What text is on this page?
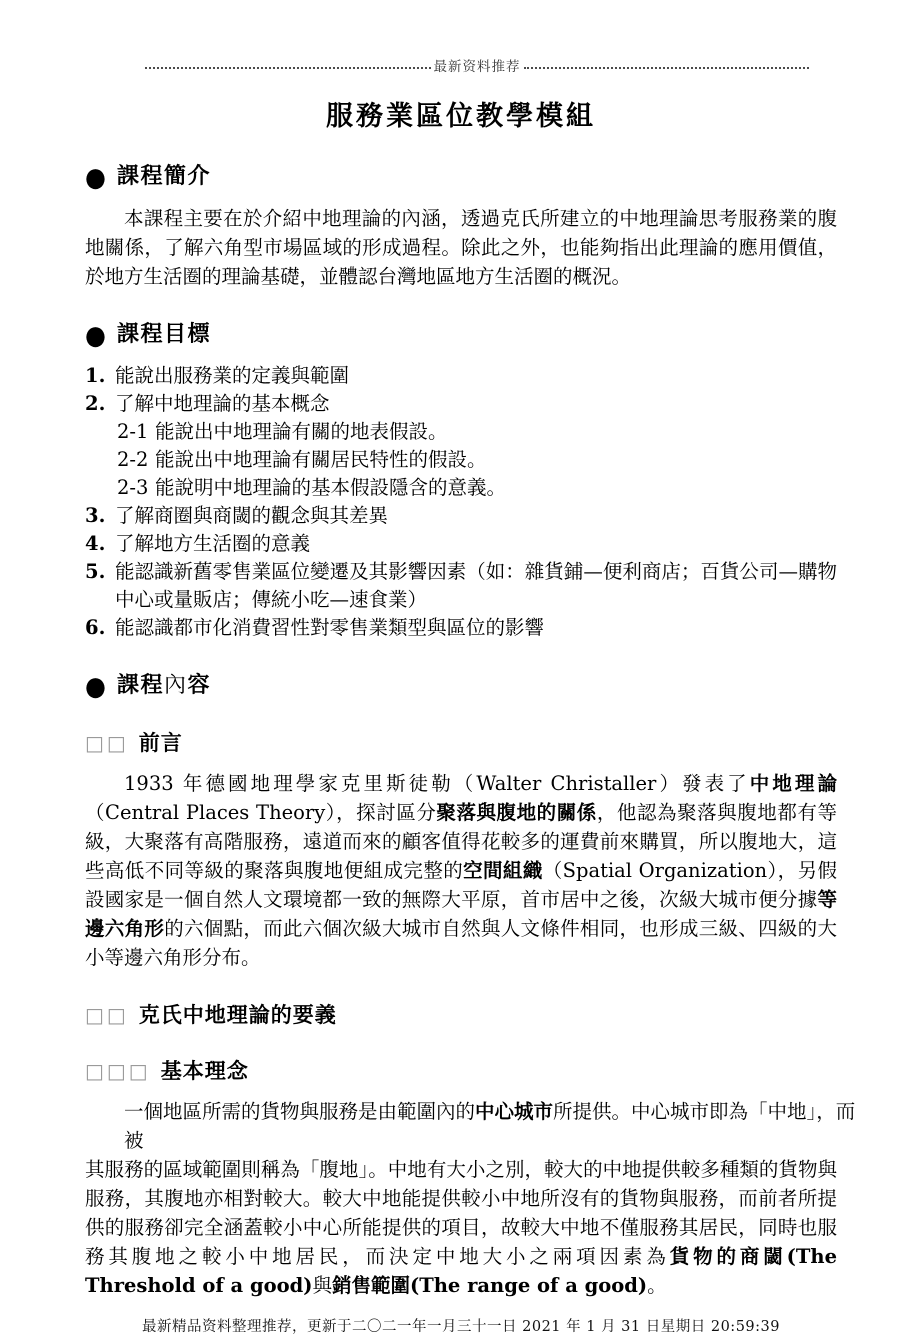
最新资料推荐
服務業區位教學模組
● 課程簡介

本課程主要在於介紹中地理論的內涵，透過克氏所建立的中地理論思考服務業的腹地關係，了解六角型市場區域的形成過程。除此之外，也能夠指出此理論的應用價值，於地方生活圈的理論基礎，並體認台灣地區地方生活圈的概況。

● 課程目標
1. 能說出服務業的定義與範圍
2. 了解中地理論的基本概念
2-1 能說出中地理論有關的地表假設。
2-2 能說出中地理論有關居民特性的假設。
2-3 能說明中地理論的基本假設隱含的意義。
3. 了解商圈與商閾的觀念與其差異
4. 了解地方生活圈的意義
5. 能認識新舊零售業區位變遷及其影響因素（如：雜貨鋪—便利商店；百貨公司—購物中心或量販店；傳統小吃—速食業）
6. 能認識都市化消費習性對零售業類型與區位的影響
● 課程內容
□□ 前言

1933 年德國地理學家克里斯徒勒（Walter Christaller）發表了中地理論（Central Places Theory），探討區分聚落與腹地的關係，他認為聚落與腹地都有等級，大聚落有高階服務，遠道而來的顧客值得花較多的運費前來購買，所以腹地大，這些高低不同等級的聚落與腹地便組成完整的空間組織（Spatial Organization），另假設國家是一個自然人文環境都一致的無際大平原，首市居中之後，次級大城市便分據等邊六角形的六個點，而此六個次級大城市自然與人文條件相同，也形成三級、四級的大小等邊六角形分布。

□□ 克氏中地理論的要義
□□□ 基本理念

一個地區所需的貨物與服務是由範圍內的中心城市所提供。中心城市即為「中地」，而

被

其服務的區域範圍則稱為「腹地」。中地有大小之別，較大的中地提供較多種類的貨物與服務，其腹地亦相對較大。較大中地能提供較小中地所沒有的貨物與服務，而前者所提供的服務卻完全涵蓋較小中心所能提供的項目，故較大中地不僅服務其居民，同時也服務其腹地之較小中地居民，而決定中地大小之兩項因素為貨物的商閾(The Threshold of a good)與銷售範圍(The range of a good)。

最新精品资料整理推荐，更新于二〇二一年一月三十一日 2021 年 1 月 31 日星期日 20:59:39
